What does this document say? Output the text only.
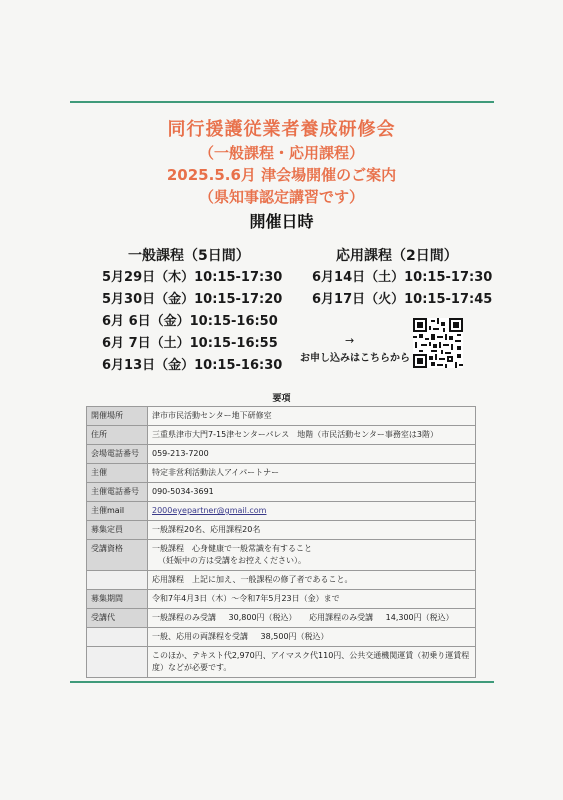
同行援護従業者養成研修会
（一般課程・応用課程）
2025.5.6月 津会場開催のご案内
（県知事認定講習です）
開催日時
一般課程（5日間）
5月29日（木）10:15-17:30
5月30日（金）10:15-17:20
6月 6日（金）10:15-16:50
6月 7日（土）10:15-16:55
6月13日（金）10:15-16:30
応用課程（2日間）
6月14日（土）10:15-17:30
6月17日（火）10:15-17:45
→
お申し込みはこちらから
要項
開催場所	津市市民活動センター地下研修室
住所	三重県津市大門7-15津センターパレス　地階（市民活動センター事務室は3階）
会場電話番号	059-213-7200
主催	特定非営利活動法人アイパートナー
主催電話番号	090-5034-3691
主催mail	2000eyepartner@gmail.com
募集定員	一般課程20名、応用課程20名
受講資格	一般課程　心身健康で一般常識を有すること
（妊娠中の方は受講をお控えください）。

	応用課程　上記に加え、一般課程の修了者であること。
募集期間	令和7年4月3日（木）～令和7年5月23日（金）まで
受講代	一般課程のみ受講 30,800円（税込） 応用課程のみ受講 14,300円（税込）
	一般、応用の両課程を受講 38,500円（税込）
	このほか、テキスト代2,970円、アイマスク代110円、公共交通機関運賃（初乗り運賃程度）などが必要です。
